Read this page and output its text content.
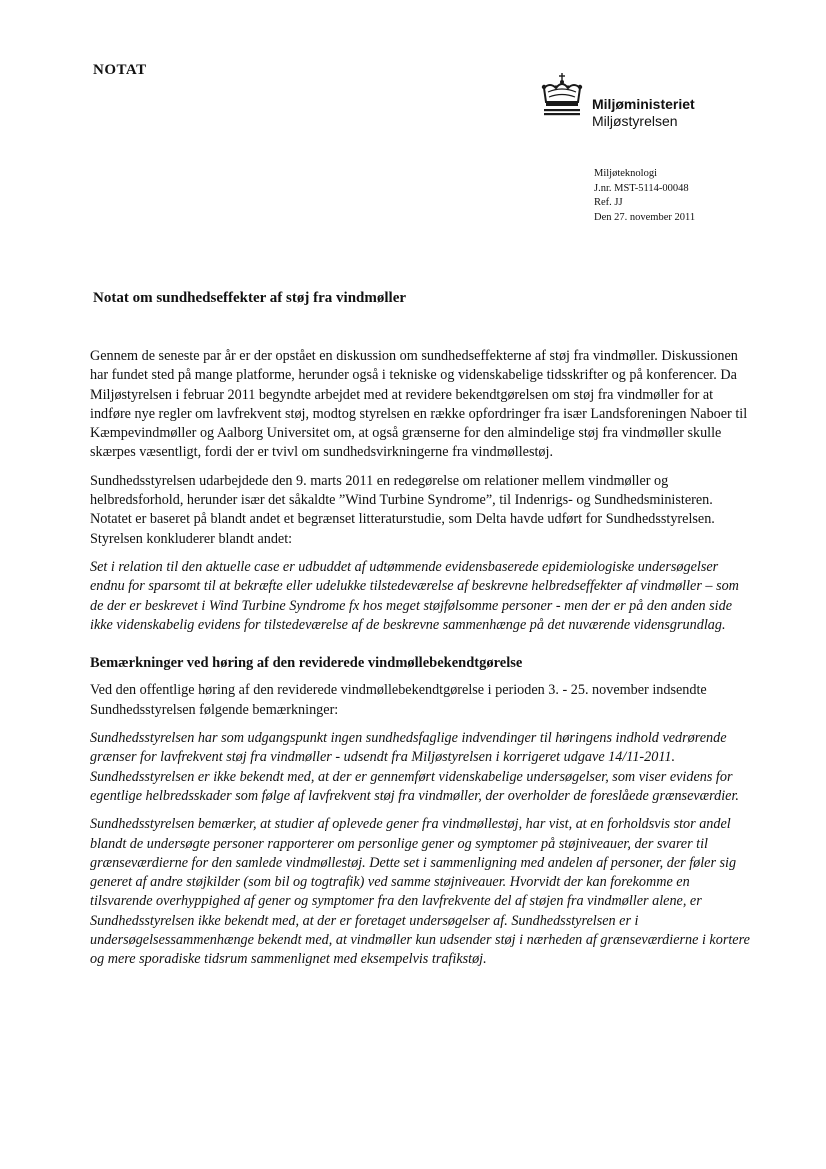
NOTAT
Miljøministeriet
Miljøstyrelsen
Miljøteknologi
J.nr. MST-5114-00048
Ref. JJ
Den 27. november 2011
Notat om sundhedseffekter af støj fra vindmøller

Gennem de seneste par år er der opstået en diskussion om sundhedseffekterne af støj fra vindmøller. Diskussionen har fundet sted på mange platforme, herunder også i tekniske og videnskabelige tidsskrifter og på konferencer. Da Miljøstyrelsen i februar 2011 begyndte arbejdet med at revidere bekendtgørelsen om støj fra vindmøller for at indføre nye regler om lavfrekvent støj, modtog styrelsen en række opfordringer fra især Landsforeningen Naboer til Kæmpevindmøller og Aalborg Universitet om, at også grænserne for den almindelige støj fra vindmøller skulle skærpes væsentligt, fordi der er tvivl om sundhedsvirkningerne fra vindmøllestøj.

Sundhedsstyrelsen udarbejdede den 9. marts 2011 en redegørelse om relationer mellem vindmøller og helbredsforhold, herunder især det såkaldte ”Wind Turbine Syndrome”, til Indenrigs- og Sundhedsministeren. Notatet er baseret på blandt andet et begrænset litteraturstudie, som Delta havde udført for Sundhedsstyrelsen. Styrelsen konkluderer blandt andet:

Set i relation til den aktuelle case er udbuddet af udtømmende evidensbaserede epidemiologiske undersøgelser endnu for sparsomt til at bekræfte eller udelukke tilstedeværelse af beskrevne helbredseffekter af vindmøller – som de der er beskrevet i Wind Turbine Syndrome fx hos meget støjfølsomme personer - men der er på den anden side ikke videnskabelig evidens for tilstedeværelse af de beskrevne sammenhænge på det nuværende vidensgrundlag.

Bemærkninger ved høring af den reviderede vindmøllebekendtgørelse

Ved den offentlige høring af den reviderede vindmøllebekendtgørelse i perioden 3. - 25. november indsendte Sundhedsstyrelsen følgende bemærkninger:

Sundhedsstyrelsen har som udgangspunkt ingen sundhedsfaglige indvendinger til høringens indhold vedrørende grænser for lavfrekvent støj fra vindmøller - udsendt fra Miljøstyrelsen i korrigeret udgave 14/11-2011. Sundhedsstyrelsen er ikke bekendt med, at der er gennemført videnskabelige undersøgelser, som viser evidens for egentlige helbredsskader som følge af lavfrekvent støj fra vindmøller, der overholder de foreslåede grænseværdier.

Sundhedsstyrelsen bemærker, at studier af oplevede gener fra vindmøllestøj, har vist, at en forholdsvis stor andel blandt de undersøgte personer rapporterer om personlige gener og symptomer på støjniveauer, der svarer til grænseværdierne for den samlede vindmøllestøj. Dette set i sammenligning med andelen af personer, der føler sig generet af andre støjkilder (som bil og togtrafik) ved samme støjniveauer. Hvorvidt der kan forekomme en tilsvarende overhyppighed af gener og symptomer fra den lavfrekvente del af støjen fra vindmøller alene, er Sundhedsstyrelsen ikke bekendt med, at der er foretaget undersøgelser af. Sundhedsstyrelsen er i undersøgelsessammenhænge bekendt med, at vindmøller kun udsender støj i nærheden af grænseværdierne i kortere og mere sporadiske tidsrum sammenlignet med eksempelvis trafikstøj.
